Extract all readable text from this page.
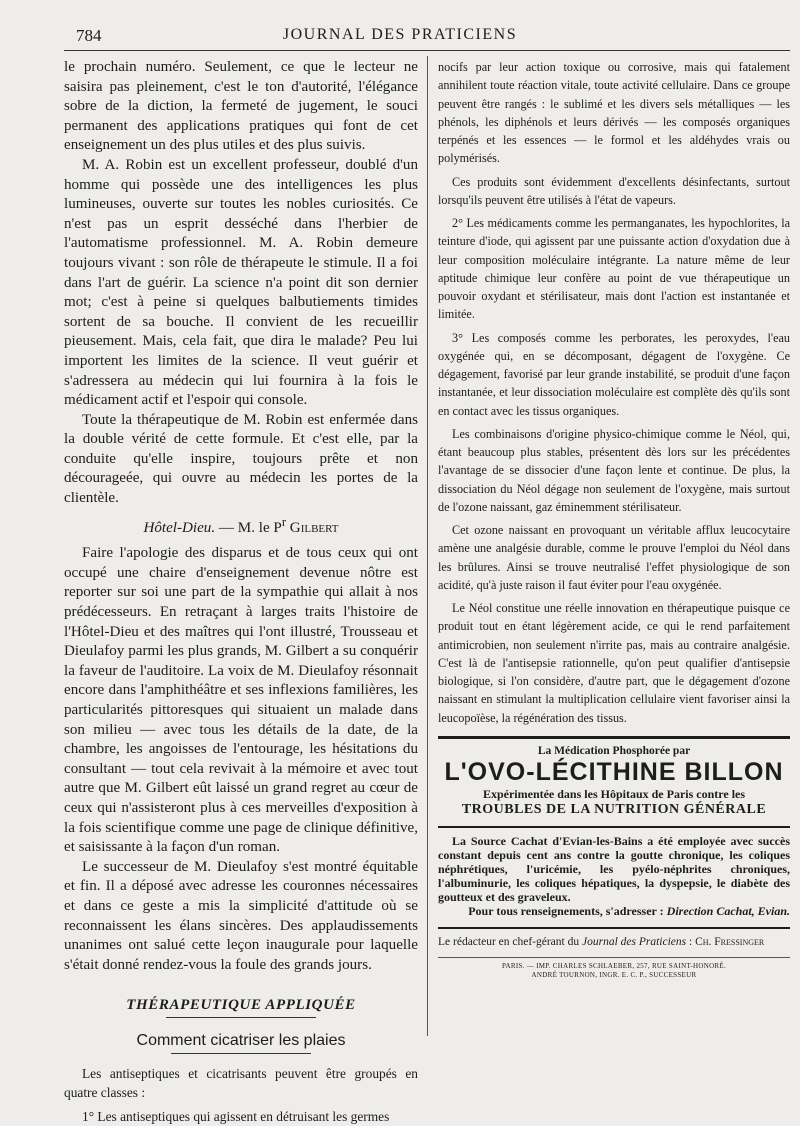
784	JOURNAL DES PRATICIENS

le prochain numéro. Seulement, ce que le lecteur ne saisira pas pleinement, c'est le ton d'autorité, l'élégance sobre de la diction, la fermeté de jugement, le souci permanent des applications pratiques qui font de cet enseignement un des plus utiles et des plus suivis.

M. A. Robin est un excellent professeur, doublé d'un homme qui possède une des intelligences les plus lumineuses, ouverte sur toutes les nobles curiosités. Ce n'est pas un esprit desséché dans l'herbier de l'automatisme professionnel. M. A. Robin demeure toujours vivant : son rôle de thérapeute le stimule. Il a foi dans l'art de guérir. La science n'a point dit son dernier mot; c'est à peine si quelques balbutiements timides sortent de sa bouche. Il convient de les recueillir pieusement. Mais, cela fait, que dira le malade? Peu lui importent les limites de la science. Il veut guérir et s'adressera au médecin qui lui fournira à la fois le médicament actif et l'espoir qui console.

Toute la thérapeutique de M. Robin est enfermée dans la double vérité de cette formule. Et c'est elle, par la conduite qu'elle inspire, toujours prête et non décourageée, qui ouvre au médecin les portes de la clientèle.

Hôtel-Dieu. — M. le $P^r$ Gilbert

Faire l'apologie des disparus et de tous ceux qui ont occupé une chaire d'enseignement devenue nôtre est reporter sur soi une part de la sympathie qui allait à nos prédécesseurs. En retraçant à larges traits l'histoire de l'Hôtel-Dieu et des maîtres qui l'ont illustré, Trousseau et Dieulafoy parmi les plus grands, M. Gilbert a su conquérir la faveur de l'auditoire. La voix de M. Dieulafoy résonnait encore dans l'amphithéâtre et ses inflexions familières, les particularités pittoresques qui situaient un malade dans son milieu — avec tous les détails de la date, de la chambre, les angoisses de l'entourage, les hésitations du consultant — tout cela revivait à la mémoire et avec tout autre que M. Gilbert eût laissé un grand regret au cœur de ceux qui n'assisteront plus à ces merveilles d'exposition à la fois scientifique comme une page de clinique définitive, et saisissante à la façon d'un roman.

Le successeur de M. Dieulafoy s'est montré équitable et fin. Il a déposé avec adresse les couronnes nécessaires et dans ce geste a mis la simplicité d'attitude où se reconnaissent les élans sincères. Des applaudissements unanimes ont salué cette leçon inaugurale pour laquelle s'était donné rendez-vous la foule des grands jours.

THÉRAPEUTIQUE APPLIQUÉE
Comment cicatriser les plaies

Les antiseptiques et cicatrisants peuvent être groupés en quatre classes :

1° Les antiseptiques qui agissent en détruisant les germes

nocifs par leur action toxique ou corrosive, mais qui fatalement annihilent toute réaction vitale, toute activité cellulaire. Dans ce groupe peuvent être rangés : le sublimé et les divers sels métalliques — les phénols, les diphénols et leurs dérivés — les composés organiques terpénés et les essences — le formol et les aldéhydes vrais ou polymérisés.

Ces produits sont évidemment d'excellents désinfectants, surtout lorsqu'ils peuvent être utilisés à l'état de vapeurs.

2° Les médicaments comme les permanganates, les hypochlorites, la teinture d'iode, qui agissent par une puissante action d'oxydation due à leur composition moléculaire intégrante. La nature même de leur aptitude chimique leur confère au point de vue thérapeutique un pouvoir oxydant et stérilisateur, mais dont l'action est instantanée et limitée.

3° Les composés comme les perborates, les peroxydes, l'eau oxygénée qui, en se décomposant, dégagent de l'oxygène. Ce dégagement, favorisé par leur grande instabilité, se produit d'une façon instantanée, et leur dissociation moléculaire est complète dès qu'ils sont en contact avec les tissus organiques.

Les combinaisons d'origine physico-chimique comme le Néol, qui, étant beaucoup plus stables, présentent dès lors sur les précédentes l'avantage de se dissocier d'une façon lente et continue. De plus, la dissociation du Néol dégage non seulement de l'oxygène, mais surtout de l'ozone naissant, gaz éminemment stérilisateur.

Cet ozone naissant en provoquant un véritable afflux leucocytaire amène une analgésie durable, comme le prouve l'emploi du Néol dans les brûlures. Ainsi se trouve neutralisé l'effet physiologique de son acidité, qu'à juste raison il faut éviter pour l'eau oxygénée.

Le Néol constitue une réelle innovation en thérapeutique puisque ce produit tout en étant légèrement acide, ce qui le rend parfaitement antimicrobien, non seulement n'irrite pas, mais au contraire analgésie. C'est là de l'antisepsie rationnelle, qu'on peut qualifier d'antisepsie biologique, si l'on considère, d'autre part, que le dégagement d'ozone naissant en stimulant la multiplication cellulaire vient favoriser ainsi la leucopoïèse, la régénération des tissus.

La Médication Phosphorée par
L'OVO-LÉCITHINE BILLON
Expérimentée dans les Hôpitaux de Paris contre les
TROUBLES DE LA NUTRITION GÉNÉRALE

La Source Cachat d'Evian-les-Bains a été employée avec succès constant depuis cent ans contre la goutte chronique, les coliques néphrétiques, l'uricémie, les pyélo-néphrites chroniques, l'albuminurie, les coliques hépatiques, la dyspepsie, le diabète des goutteux et des graveleux.

Pour tous renseignements, s'adresser : Direction Cachat, Evian.
Le rédacteur en chef-gérant du Journal des Praticiens : Ch. Fressinger
PARIS. — IMP. CHARLES SCHLAEBER, 257, RUE SAINT-HONORÉ.
ANDRÉ TOURNON, INGR. E. C. P., SUCCESSEUR
